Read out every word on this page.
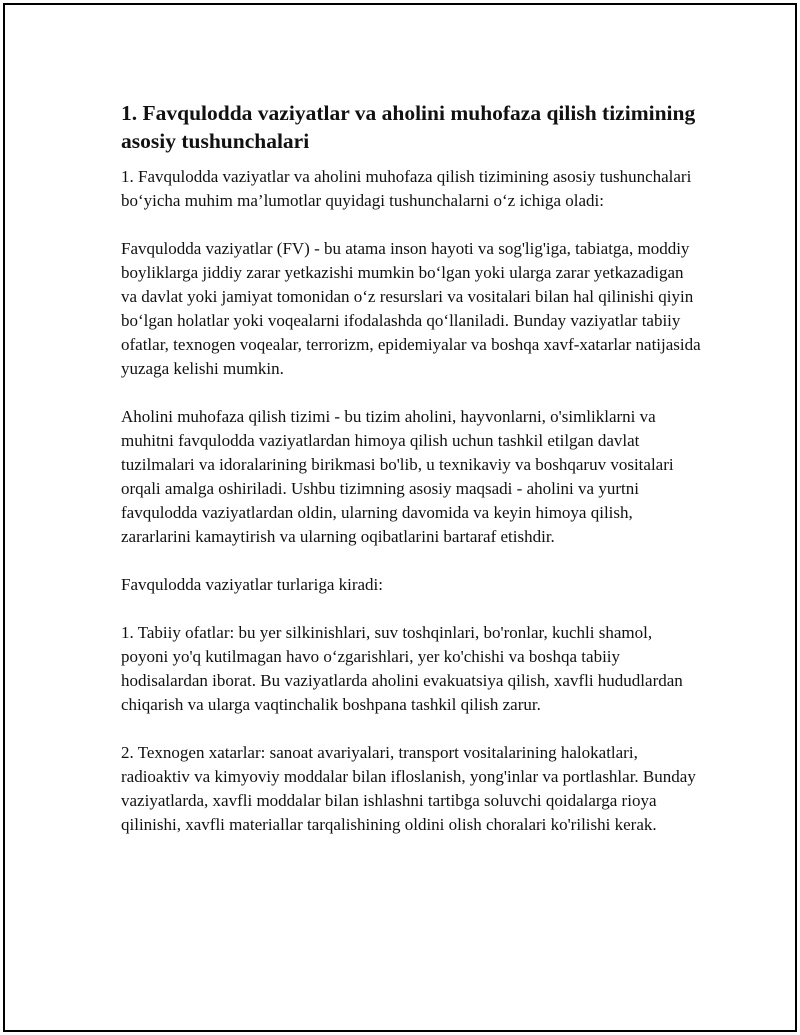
1. Favqulodda vaziyatlar va aholini muhofaza qilish tizimining asosiy tushunchalari

1. Favqulodda vaziyatlar va aholini muhofaza qilish tizimining asosiy tushunchalari bo‘yicha muhim ma’lumotlar quyidagi tushunchalarni o‘z ichiga oladi:

Favqulodda vaziyatlar (FV) - bu atama inson hayoti va sog'lig'iga, tabiatga, moddiy boyliklarga jiddiy zarar yetkazishi mumkin bo‘lgan yoki ularga zarar yetkazadigan va davlat yoki jamiyat tomonidan o‘z resurslari va vositalari bilan hal qilinishi qiyin bo‘lgan holatlar yoki voqealarni ifodalashda qo‘llaniladi. Bunday vaziyatlar tabiiy ofatlar, texnogen voqealar, terrorizm, epidemiyalar va boshqa xavf-xatarlar natijasida yuzaga kelishi mumkin.

Aholini muhofaza qilish tizimi - bu tizim aholini, hayvonlarni, o'simliklarni va muhitni favqulodda vaziyatlardan himoya qilish uchun tashkil etilgan davlat tuzilmalari va idoralarining birikmasi bo'lib, u texnikaviy va boshqaruv vositalari orqali amalga oshiriladi. Ushbu tizimning asosiy maqsadi - aholini va yurtni favqulodda vaziyatlardan oldin, ularning davomida va keyin himoya qilish, zararlarini kamaytirish va ularning oqibatlarini bartaraf etishdir.

Favqulodda vaziyatlar turlariga kiradi:

1. Tabiiy ofatlar: bu yer silkinishlari, suv toshqinlari, bo'ronlar, kuchli shamol, poyoni yo'q kutilmagan havo o‘zgarishlari, yer ko'chishi va boshqa tabiiy hodisalardan iborat. Bu vaziyatlarda aholini evakuatsiya qilish, xavfli hududlardan chiqarish va ularga vaqtinchalik boshpana tashkil qilish zarur.

2. Texnogen xatarlar: sanoat avariyalari, transport vositalarining halokatlari, radioaktiv va kimyoviy moddalar bilan ifloslanish, yong'inlar va portlashlar. Bunday vaziyatlarda, xavfli moddalar bilan ishlashni tartibga soluvchi qoidalarga rioya qilinishi, xavfli materiallar tarqalishining oldini olish choralari ko'rilishi kerak.
